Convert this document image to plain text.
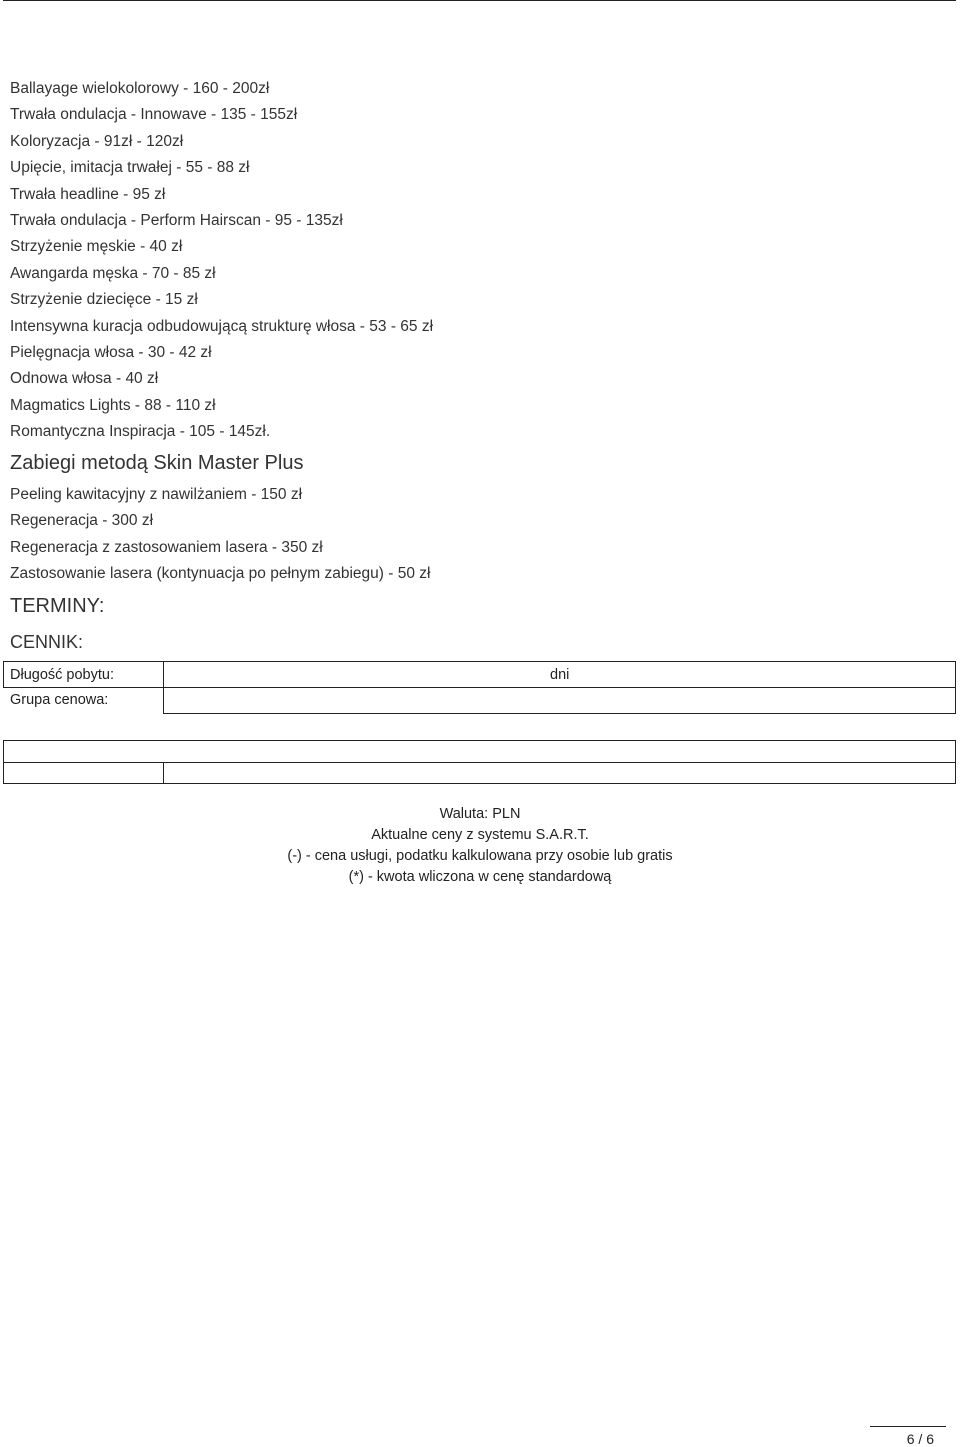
Ballayage wielokolorowy - 160 - 200zł
Trwała ondulacja - Innowave - 135 - 155zł
Koloryzacja - 91zł - 120zł
Upięcie, imitacja trwałej - 55 - 88 zł
Trwała headline - 95 zł
Trwała ondulacja - Perform Hairscan - 95 - 135zł
Strzyżenie męskie - 40 zł
Awangarda męska - 70 - 85 zł
Strzyżenie dziecięce - 15 zł
Intensywna kuracja odbudowującą strukturę włosa - 53 - 65 zł
Pielęgnacja włosa - 30 - 42 zł
Odnowa włosa - 40 zł
Magmatics Lights - 88 - 110 zł
Romantyczna Inspiracja - 105 - 145zł.
Zabiegi metodą Skin Master Plus
Peeling kawitacyjny z nawilżaniem - 150 zł
Regeneracja - 300 zł
Regeneracja z zastosowaniem lasera - 350 zł
Zastosowanie lasera (kontynuacja po pełnym zabiegu) - 50 zł
TERMINY:
CENNIK:
Długość pobytu:	dni
Grupa cenowa:
Waluta: PLN
Aktualne ceny z systemu S.A.R.T.
(-) - cena usługi, podatku kalkulowana przy osobie lub gratis
(*) - kwota wliczona w cenę standardową
6 / 6
